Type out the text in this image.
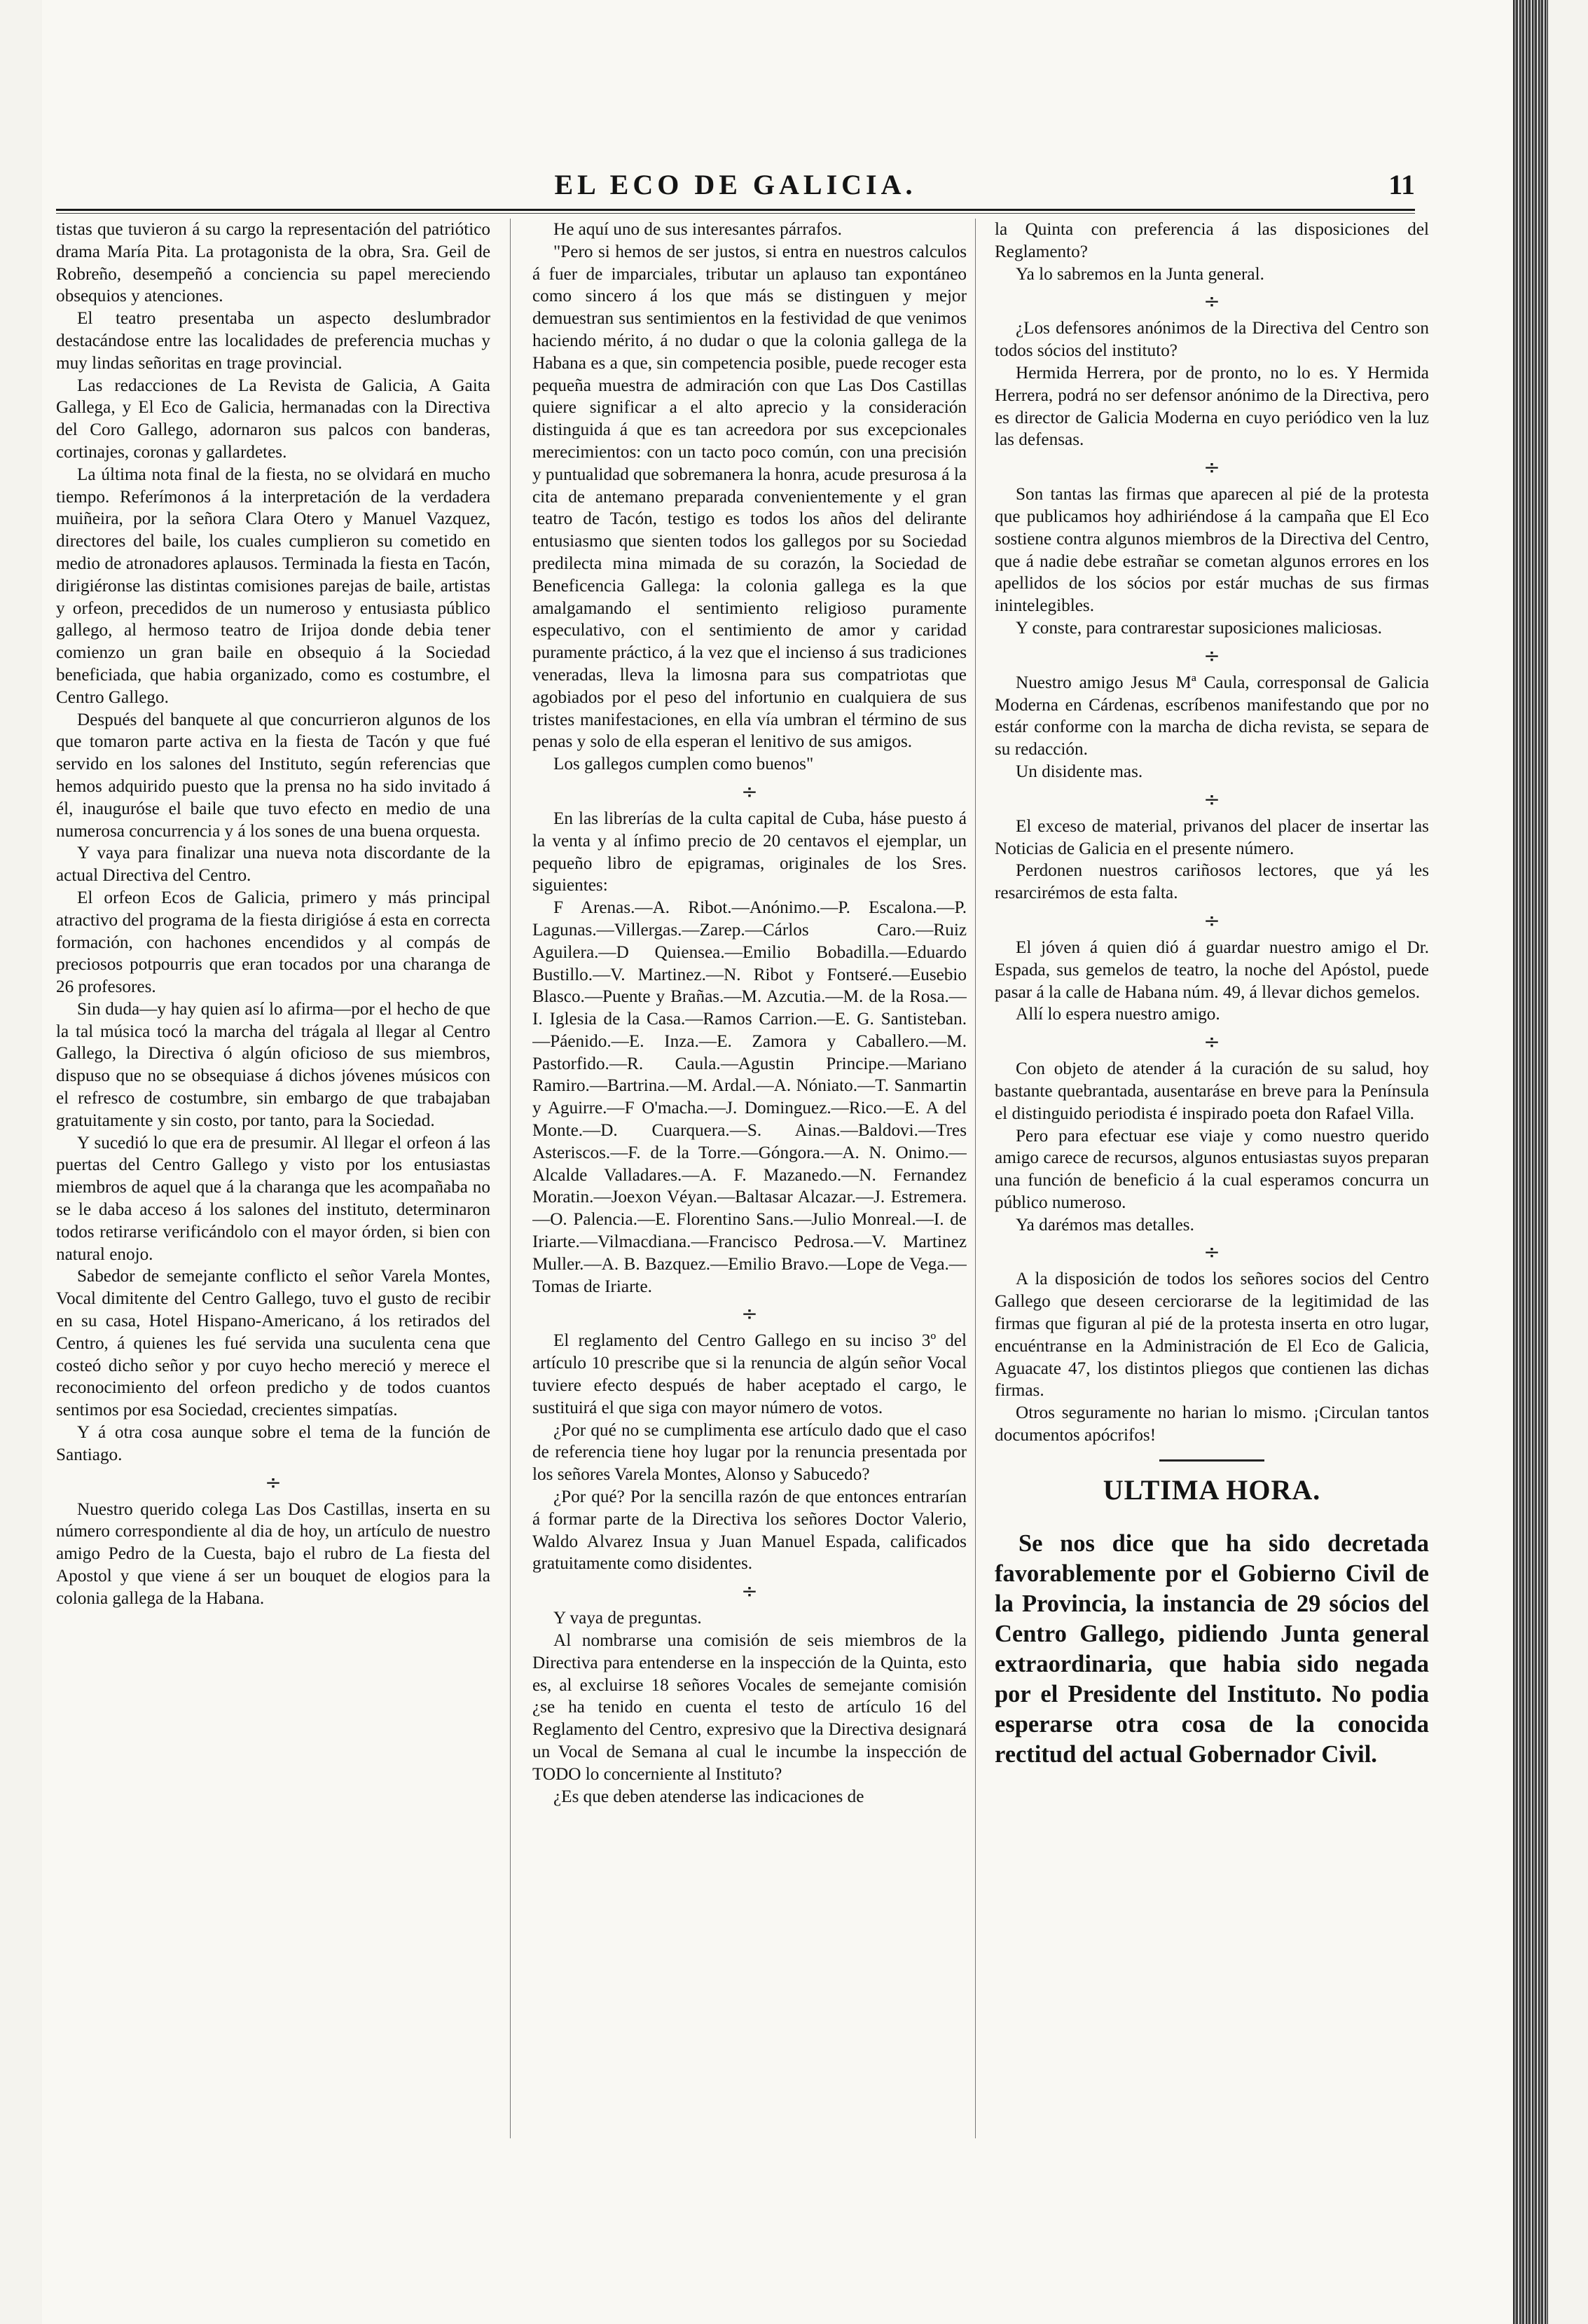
EL ECO DE GALICIA.	11

tistas que tuvieron á su cargo la representación del patriótico drama María Pita. La protagonista de la obra, Sra. Geil de Robreño, desempeñó a conciencia su papel mereciendo obsequios y atenciones.

El teatro presentaba un aspecto deslumbrador destacándose entre las localidades de preferencia muchas y muy lindas señoritas en trage provincial.

Las redacciones de La Revista de Galicia, A Gaita Gallega, y El Eco de Galicia, hermanadas con la Directiva del Coro Gallego, adornaron sus palcos con banderas, cortinajes, coronas y gallardetes.

La última nota final de la fiesta, no se olvidará en mucho tiempo. Referímonos á la interpretación de la verdadera muiñeira, por la señora Clara Otero y Manuel Vazquez, directores del baile, los cuales cumplieron su cometido en medio de atronadores aplausos. Terminada la fiesta en Tacón, dirigiéronse las distintas comisiones parejas de baile, artistas y orfeon, precedidos de un numeroso y entusiasta público gallego, al hermoso teatro de Irijoa donde debia tener comienzo un gran baile en obsequio á la Sociedad beneficiada, que habia organizado, como es costumbre, el Centro Gallego.

Después del banquete al que concurrieron algunos de los que tomaron parte activa en la fiesta de Tacón y que fué servido en los salones del Instituto, según referencias que hemos adquirido puesto que la prensa no ha sido invitado á él, inauguróse el baile que tuvo efecto en medio de una numerosa concurrencia y á los sones de una buena orquesta.

Y vaya para finalizar una nueva nota discordante de la actual Directiva del Centro.

El orfeon Ecos de Galicia, primero y más principal atractivo del programa de la fiesta dirigióse á esta en correcta formación, con hachones encendidos y al compás de preciosos potpourris que eran tocados por una charanga de 26 profesores.

Sin duda—y hay quien así lo afirma—por el hecho de que la tal música tocó la marcha del trágala al llegar al Centro Gallego, la Directiva ó algún oficioso de sus miembros, dispuso que no se obsequiase á dichos jóvenes músicos con el refresco de costumbre, sin embargo de que trabajaban gratuitamente y sin costo, por tanto, para la Sociedad.

Y sucedió lo que era de presumir. Al llegar el orfeon á las puertas del Centro Gallego y visto por los entusiastas miembros de aquel que á la charanga que les acompañaba no se le daba acceso á los salones del instituto, determinaron todos retirarse verificándolo con el mayor órden, si bien con natural enojo.

Sabedor de semejante conflicto el señor Varela Montes, Vocal dimitente del Centro Gallego, tuvo el gusto de recibir en su casa, Hotel Hispano-Americano, á los retirados del Centro, á quienes les fué servida una suculenta cena que costeó dicho señor y por cuyo hecho mereció y merece el reconocimiento del orfeon predicho y de todos cuantos sentimos por esa Sociedad, crecientes simpatías.

Y á otra cosa aunque sobre el tema de la función de Santiago.

÷

Nuestro querido colega Las Dos Castillas, inserta en su número correspondiente al dia de hoy, un artículo de nuestro amigo Pedro de la Cuesta, bajo el rubro de La fiesta del Apostol y que viene á ser un bouquet de elogios para la colonia gallega de la Habana.

He aquí uno de sus interesantes párrafos.

"Pero si hemos de ser justos, si entra en nuestros calculos á fuer de imparciales, tributar un aplauso tan expontáneo como sincero á los que más se distinguen y mejor demuestran sus sentimientos en la festividad de que venimos haciendo mérito, á no dudar o que la colonia gallega de la Habana es a que, sin competencia posible, puede recoger esta pequeña muestra de admiración con que Las Dos Castillas quiere significar a el alto aprecio y la consideración distinguida á que es tan acreedora por sus excepcionales merecimientos: con un tacto poco común, con una precisión y puntualidad que sobremanera la honra, acude presurosa á la cita de antemano preparada convenientemente y el gran teatro de Tacón, testigo es todos los años del delirante entusiasmo que sienten todos los gallegos por su Sociedad predilecta mina mimada de su corazón, la Sociedad de Beneficencia Gallega: la colonia gallega es la que amalgamando el sentimiento religioso puramente especulativo, con el sentimiento de amor y caridad puramente práctico, á la vez que el incienso á sus tradiciones veneradas, lleva la limosna para sus compatriotas que agobiados por el peso del infortunio en cualquiera de sus tristes manifestaciones, en ella vía umbran el término de sus penas y solo de ella esperan el lenitivo de sus amigos.

Los gallegos cumplen como buenos"

÷

En las librerías de la culta capital de Cuba, háse puesto á la venta y al ínfimo precio de 20 centavos el ejemplar, un pequeño libro de epigramas, originales de los Sres. siguientes:

F Arenas.—A. Ribot.—Anónimo.—P. Escalona.—P. Lagunas.—Villergas.—Zarep.—Cárlos Caro.—Ruiz Aguilera.—D Quiensea.—Emilio Bobadilla.—Eduardo Bustillo.—V. Martinez.—N. Ribot y Fontseré.—Eusebio Blasco.—Puente y Brañas.—M. Azcutia.—M. de la Rosa.—I. Iglesia de la Casa.—Ramos Carrion.—E. G. Santisteban.—Páenido.—E. Inza.—E. Zamora y Caballero.—M. Pastorfido.—R. Caula.—Agustin Principe.—Mariano Ramiro.—Bartrina.—M. Ardal.—A. Nóniato.—T. Sanmartin y Aguirre.—F O'macha.—J. Dominguez.—Rico.—E. A del Monte.—D. Cuarquera.—S. Ainas.—Baldovi.—Tres Asteriscos.—F. de la Torre.—Góngora.—A. N. Onimo.—Alcalde Valladares.—A. F. Mazanedo.—N. Fernandez Moratin.—Joexon Véyan.—Baltasar Alcazar.—J. Estremera.—O. Palencia.—E. Florentino Sans.—Julio Monreal.—I. de Iriarte.—Vilmacdiana.—Francisco Pedrosa.—V. Martinez Muller.—A. B. Bazquez.—Emilio Bravo.—Lope de Vega.—Tomas de Iriarte.

÷

El reglamento del Centro Gallego en su inciso 3º del artículo 10 prescribe que si la renuncia de algún señor Vocal tuviere efecto después de haber aceptado el cargo, le sustituirá el que siga con mayor número de votos.

¿Por qué no se cumplimenta ese artículo dado que el caso de referencia tiene hoy lugar por la renuncia presentada por los señores Varela Montes, Alonso y Sabucedo?

¿Por qué? Por la sencilla razón de que entonces entrarían á formar parte de la Directiva los señores Doctor Valerio, Waldo Alvarez Insua y Juan Manuel Espada, calificados gratuitamente como disidentes.

÷

Y vaya de preguntas.

Al nombrarse una comisión de seis miembros de la Directiva para entenderse en la inspección de la Quinta, esto es, al excluirse 18 señores Vocales de semejante comisión ¿se ha tenido en cuenta el testo de artículo 16 del Reglamento del Centro, expresivo que la Directiva designará un Vocal de Semana al cual le incumbe la inspección de TODO lo concerniente al Instituto?

¿Es que deben atenderse las indicaciones de

la Quinta con preferencia á las disposiciones del Reglamento?

Ya lo sabremos en la Junta general.

÷

¿Los defensores anónimos de la Directiva del Centro son todos sócios del instituto?

Hermida Herrera, por de pronto, no lo es. Y Hermida Herrera, podrá no ser defensor anónimo de la Directiva, pero es director de Galicia Moderna en cuyo periódico ven la luz las defensas.

÷

Son tantas las firmas que aparecen al pié de la protesta que publicamos hoy adhiriéndose á la campaña que El Eco sostiene contra algunos miembros de la Directiva del Centro, que á nadie debe estrañar se cometan algunos errores en los apellidos de los sócios por estár muchas de sus firmas inintelegibles.

Y conste, para contrarestar suposiciones maliciosas.

÷

Nuestro amigo Jesus Mª Caula, corresponsal de Galicia Moderna en Cárdenas, escríbenos manifestando que por no estár conforme con la marcha de dicha revista, se separa de su redacción.

Un disidente mas.

÷

El exceso de material, privanos del placer de insertar las Noticias de Galicia en el presente número.

Perdonen nuestros cariñosos lectores, que yá les resarcirémos de esta falta.

÷

El jóven á quien dió á guardar nuestro amigo el Dr. Espada, sus gemelos de teatro, la noche del Apóstol, puede pasar á la calle de Habana núm. 49, á llevar dichos gemelos.

Allí lo espera nuestro amigo.

÷

Con objeto de atender á la curación de su salud, hoy bastante quebrantada, ausentaráse en breve para la Península el distinguido periodista é inspirado poeta don Rafael Villa.

Pero para efectuar ese viaje y como nuestro querido amigo carece de recursos, algunos entusiastas suyos preparan una función de beneficio á la cual esperamos concurra un público numeroso.

Ya darémos mas detalles.

÷

A la disposición de todos los señores socios del Centro Gallego que deseen cerciorarse de la legitimidad de las firmas que figuran al pié de la protesta inserta en otro lugar, encuéntranse en la Administración de El Eco de Galicia, Aguacate 47, los distintos pliegos que contienen las dichas firmas.

Otros seguramente no harian lo mismo. ¡Circulan tantos documentos apócrifos!

ULTIMA HORA.

Se nos dice que ha sido decretada favorablemente por el Gobierno Civil de la Provincia, la instancia de 29 sócios del Centro Gallego, pidiendo Junta general extraordinaria, que habia sido negada por el Presidente del Instituto. No podia esperarse otra cosa de la conocida rectitud del actual Gobernador Civil.
